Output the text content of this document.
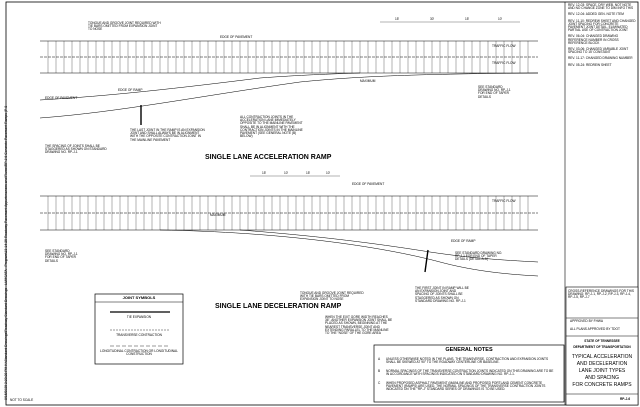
8/15/2025 2:23:28 PM K:\Standard Drawings\Roadway Standard Drawings - LUMSATA - Program\13-14-25 Roadway Pavement Appurtenances and Flume\RP-J-6 Concrete Pavement Ramps (P-8
TONGUE AND GROOVE JOINT REQUIRED WITH TIE BARS OMITTED FROM EXPANSION JOINT TO NOSE
EDGE OF PAVEMENT
EDGE OF PAVEMENT
EDGE OF RAMP
TRAFFIC FLOW
TRAFFIC FLOW
MAXIMUM
SEE STANDARD DRAWING NO. RP-J-1 FOR END OF TAPER DETAILS
THE LAST JOINT IN THE RAMP IS AN EXPANSION JOINT AND SHALL ALWAYS BE IN ALIGNMENT WITH THE OPPOSITE CONTRACTION JOINT IN THE MAINLINE PAVEMENT
ALL CONTRACTION JOINTS IN THE ACCELERATION LANE IMMEDIATELY OPPOSITE TO THE MAINLINE PAVEMENT SHALL BE IN ALIGNMENT WITH THE CONTRACTION JOINTS IN THE MAINLINE PAVEMENT (SEE GENERAL NOTE (B) BELOW)
THE SPACING OF JOINTS SHALL BE STAGGERED AS SHOWN ON STANDARD DRAWING NO. RP-J-1
15'	30'	15'	10'
SINGLE LANE ACCELERATION RAMP
EDGE OF PAVEMENT
TRAFFIC FLOW
SEE STANDARD DRAWING NO. RP-J-1 FOR END OF TAPER DETAILS
EDGE OF RAMP
SEE STANDARD DRAWING NO. RP-J-1 FOR END OF TAPER DETAILS (DETAIL A-A)
TONGUE AND GROOVE JOINT REQUIRED WITH TIE BARS OMITTED FROM EXPANSION JOINT TO NOSE
THE FIRST JOINT IN RAMP WILL BE AN EXPANSION JOINT AND SPACING OF JOINTS SHALL BE STAGGERED AS SHOWN ON STANDARD DRAWING NO. RP-J-1
WHEN THE EXIT GORE WIDTH REACHES 36", ANOTHER EXPANSION JOINT SHALL BE PLACED AS SHOWN, BEGINNING AT THE NEAREST TRANSVERSE JOINT AND EXTENDING PARALLEL TO THE MAINLINE TO THE "NOSE" OF THE GORE AREA
MAXIMUM
15'	10'	15'	10'
SINGLE LANE DECELERATION RAMP
JOINT SYMBOLS
TIE EXPANSION
TRANSVERSE CONTRACTION
LONGITUDINAL CONTRACTION OR LONGITUDINAL CONSTRUCTION
GENERAL NOTES
A UNLESS OTHERWISE NOTED IN THE PLANS, THE TRANSVERSE, CONTRACTION AND EXPANSION JOINTS SHALL BE SKEWED AT 90° TO THE ROADWAY CENTERLINE OR BASELINE.
B NORMAL SPACINGS OF THE TRANSVERSE CONTRACTION JOINTS INDICATED ON THIS DRAWING ARE TO BE IN ACCORDANCE WITH SPACINGS INDICATED ON STANDARD DRAWING NO. RP-J-1.
C WHEN PROPOSED ASPHALT PAVEMENT (MAINLINE AND PROPOSED PORTLAND CEMENT CONCRETE PAVEMENT (RAMPS) ARE USED, THE NORMAL SPACINGS OF THE TRANSVERSE CONTRACTION JOINTS INDICATED ON THE "RP-J" STANDARD SERIES OF DRAWINGS IS TO BE USED.
REV. 12-03: SPACE, DRY WEB, NOT NOTE AND NO CHANGE ZONE TO DIM INFO THIS
REV. 12-04: ADDED GEN. NOTE ITEM
REV. 11-10: REDREW SHEET AND CHANGED JOINT SPACING FOR CONCRETE PAVEMENT JOINT DETAIL, ELIMINATED PARTIAL USE OF CONTRACTION JOINT
REV. 06-04: CHANGED DRAWING REFERENCE NUMBER IN CROSS REFERENCE BLOCK
REV. 03-06: CHANGED VARIABLE JOINT SPACING TO 15' CONSTANT
REV. 11-17: CHANGED DRAWING NUMBER
REV. 05-24: REDREW SHEET
CROSS-REFERENCE DRAWINGS FOR THIS DRAWING: RP-J-1, RP-J-2, RP-J-3, RP-J-4, RP-J-5, RP-J-7
APPROVED BY FHWA
ALL PLANS APPROVED BY TDOT
STATE OF TENNESSEE
DEPARTMENT OF TRANSPORTATION
TYPICAL ACCELERATION
AND DECELERATION
LANE JOINT TYPES
AND SPACING
FOR CONCRETE RAMPS
RP-J-6
NOT TO SCALE
